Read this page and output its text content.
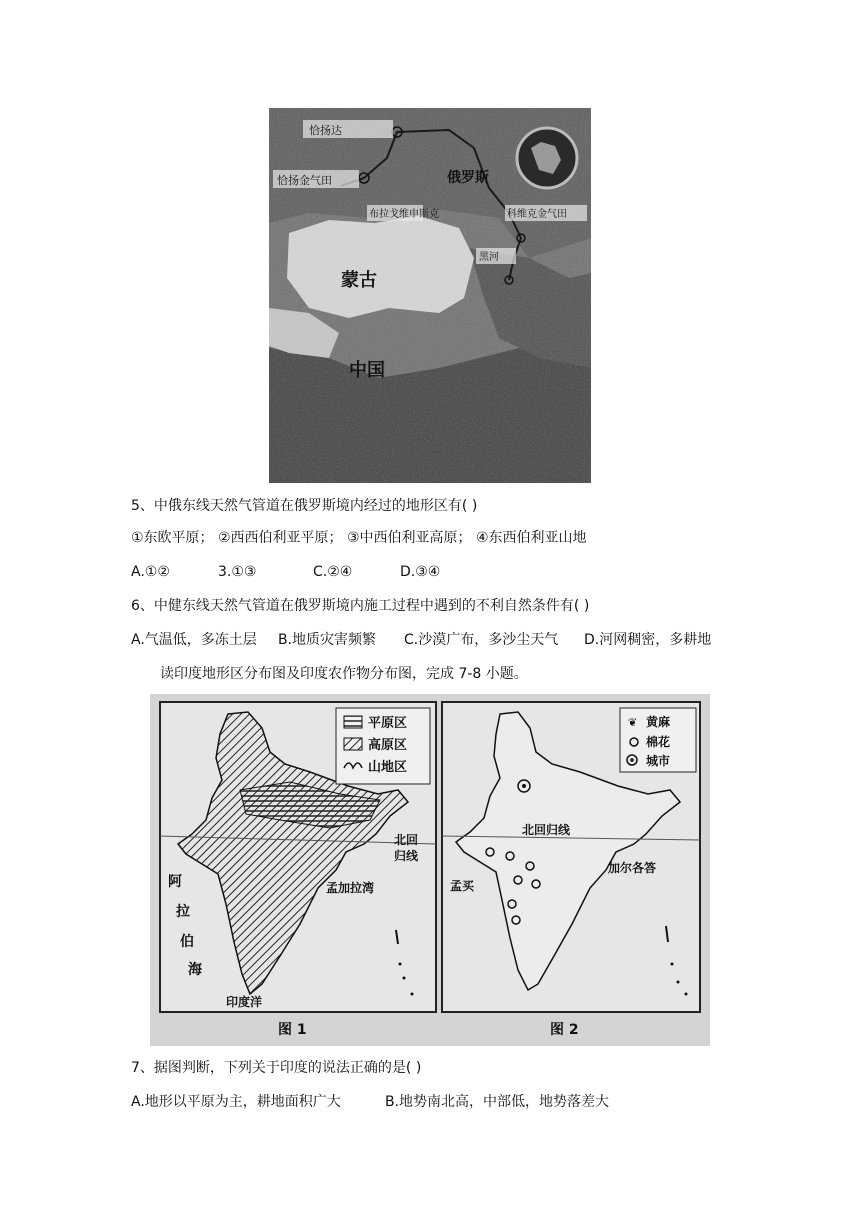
恰扬达
恰扬金气田
布拉戈维申斯克	科维克金气田
黑河
俄罗斯
蒙古
中国
5、中俄东线天然气管道在俄罗斯境内经过的地形区有( )
①东欧平原； ②西西伯利亚平原； ③中西伯利亚高原； ④东西伯利亚山地
A.①②	3.①③	C.②④	D.③④
6、中健东线天然气管道在俄罗斯境内施工过程中遇到的不利自然条件有( )
A.气温低，多冻土层 B.地质灾害频繁 C.沙漠广布，多沙尘天气 D.河网稠密，多耕地
读印度地形区分布图及印度农作物分布图，完成 7-8 小题。
平原区
高原区
山地区
阿
拉
伯
海
北回
归线
孟加拉湾
印度洋
❦ 黄麻
棉花
城市
北回归线
孟买
加尔各答
图 1	图 2
7、据图判断，下列关于印度的说法正确的是( )
A.地形以平原为主，耕地面积广大	B.地势南北高，中部低，地势落差大
